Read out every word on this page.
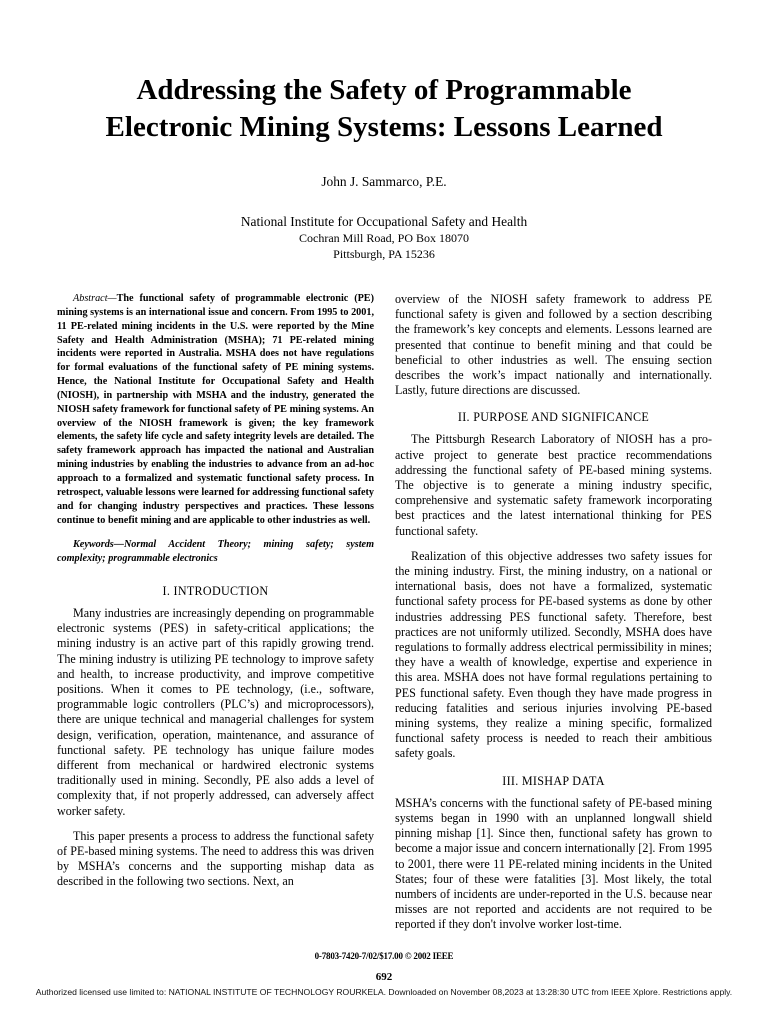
Addressing the Safety of Programmable
Electronic Mining Systems: Lessons Learned
John J. Sammarco, P.E.
National Institute for Occupational Safety and Health
Cochran Mill Road, PO Box 18070
Pittsburgh, PA 15236

Abstract—The functional safety of programmable electronic (PE) mining systems is an international issue and concern. From 1995 to 2001, 11 PE-related mining incidents in the U.S. were reported by the Mine Safety and Health Administration (MSHA); 71 PE-related mining incidents were reported in Australia. MSHA does not have regulations for formal evaluations of the functional safety of PE mining systems. Hence, the National Institute for Occupational Safety and Health (NIOSH), in partnership with MSHA and the industry, generated the NIOSH safety framework for functional safety of PE mining systems. An overview of the NIOSH framework is given; the key framework elements, the safety life cycle and safety integrity levels are detailed. The safety framework approach has impacted the national and Australian mining industries by enabling the industries to advance from an ad-hoc approach to a formalized and systematic functional safety process. In retrospect, valuable lessons were learned for addressing functional safety and for changing industry perspectives and practices. These lessons continue to benefit mining and are applicable to other industries as well.

Keywords—Normal Accident Theory; mining safety; system complexity; programmable electronics

I. INTRODUCTION

Many industries are increasingly depending on programmable electronic systems (PES) in safety-critical applications; the mining industry is an active part of this rapidly growing trend. The mining industry is utilizing PE technology to improve safety and health, to increase productivity, and improve competitive positions. When it comes to PE technology, (i.e., software, programmable logic controllers (PLC’s) and microprocessors), there are unique technical and managerial challenges for system design, verification, operation, maintenance, and assurance of functional safety. PE technology has unique failure modes different from mechanical or hardwired electronic systems traditionally used in mining. Secondly, PE also adds a level of complexity that, if not properly addressed, can adversely affect worker safety.

This paper presents a process to address the functional safety of PE-based mining systems. The need to address this was driven by MSHA’s concerns and the supporting mishap data as described in the following two sections. Next, an

overview of the NIOSH safety framework to address PE functional safety is given and followed by a section describing the framework’s key concepts and elements. Lessons learned are presented that continue to benefit mining and that could be beneficial to other industries as well. The ensuing section describes the work’s impact nationally and internationally. Lastly, future directions are discussed.

II. PURPOSE AND SIGNIFICANCE

The Pittsburgh Research Laboratory of NIOSH has a pro-active project to generate best practice recommendations addressing the functional safety of PE-based mining systems. The objective is to generate a mining industry specific, comprehensive and systematic safety framework incorporating best practices and the latest international thinking for PES functional safety.

Realization of this objective addresses two safety issues for the mining industry. First, the mining industry, on a national or international basis, does not have a formalized, systematic functional safety process for PE-based systems as done by other industries addressing PES functional safety. Therefore, best practices are not uniformly utilized. Secondly, MSHA does have regulations to formally address electrical permissibility in mines; they have a wealth of knowledge, expertise and experience in this area. MSHA does not have formal regulations pertaining to PES functional safety. Even though they have made progress in reducing fatalities and serious injuries involving PE-based mining systems, they realize a mining specific, formalized functional safety process is needed to reach their ambitious safety goals.

III. MISHAP DATA

MSHA’s concerns with the functional safety of PE-based mining systems began in 1990 with an unplanned longwall shield pinning mishap [1]. Since then, functional safety has grown to become a major issue and concern internationally [2]. From 1995 to 2001, there were 11 PE-related mining incidents in the United States; four of these were fatalities [3]. Most likely, the total numbers of incidents are under-reported in the U.S. because near misses are not reported and accidents are not required to be reported if they don't involve worker lost-time.

0-7803-7420-7/02/$17.00 © 2002 IEEE
692
Authorized licensed use limited to: NATIONAL INSTITUTE OF TECHNOLOGY ROURKELA. Downloaded on November 08,2023 at 13:28:30 UTC from IEEE Xplore. Restrictions apply.
